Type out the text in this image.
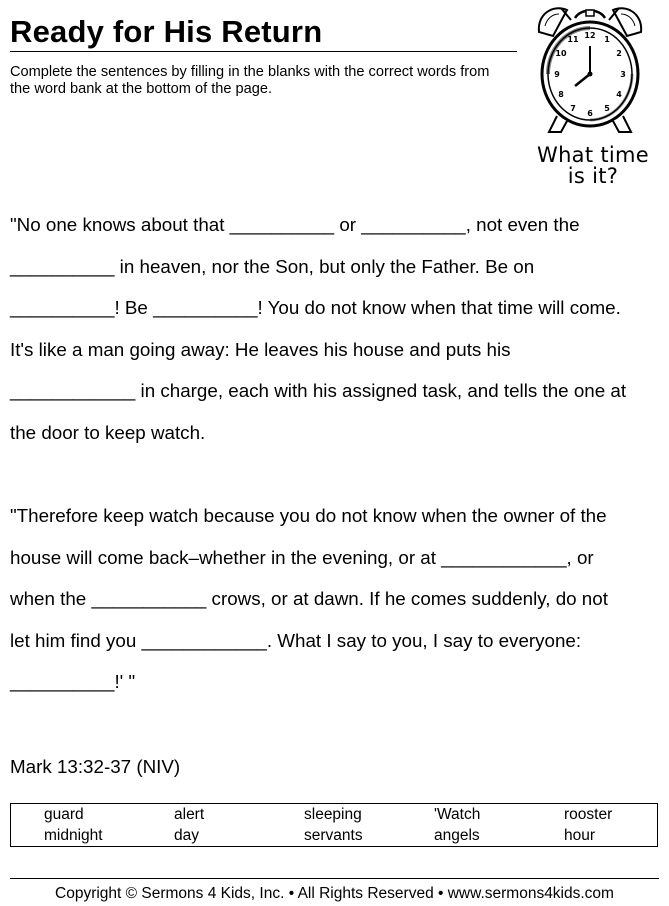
Ready for His Return

Complete the sentences by filling in the blanks with the correct words from the word bank at the bottom of the page.

12 1
2
3
4
5
6
7
8
9
10
11
What time
is it?
"No one knows about that __________ or __________, not even the
__________ in heaven, nor the Son, but only the Father. Be on
__________! Be __________! You do not know when that time will come.
It's like a man going away: He leaves his house and puts his
____________ in charge, each with his assigned task, and tells the one at
the door to keep watch.
"Therefore keep watch because you do not know when the owner of the
house will come back–whether in the evening, or at ____________, or
when the ___________ crows, or at dawn. If he comes suddenly, do not
let him find you ____________. What I say to you, I say to everyone:
__________!' "

Mark 13:32-37 (NIV)

guard	alert	sleeping	'Watch	rooster
midnight	day	servants	angels	hour

Copyright © Sermons 4 Kids, Inc. • All Rights Reserved • www.sermons4kids.com
